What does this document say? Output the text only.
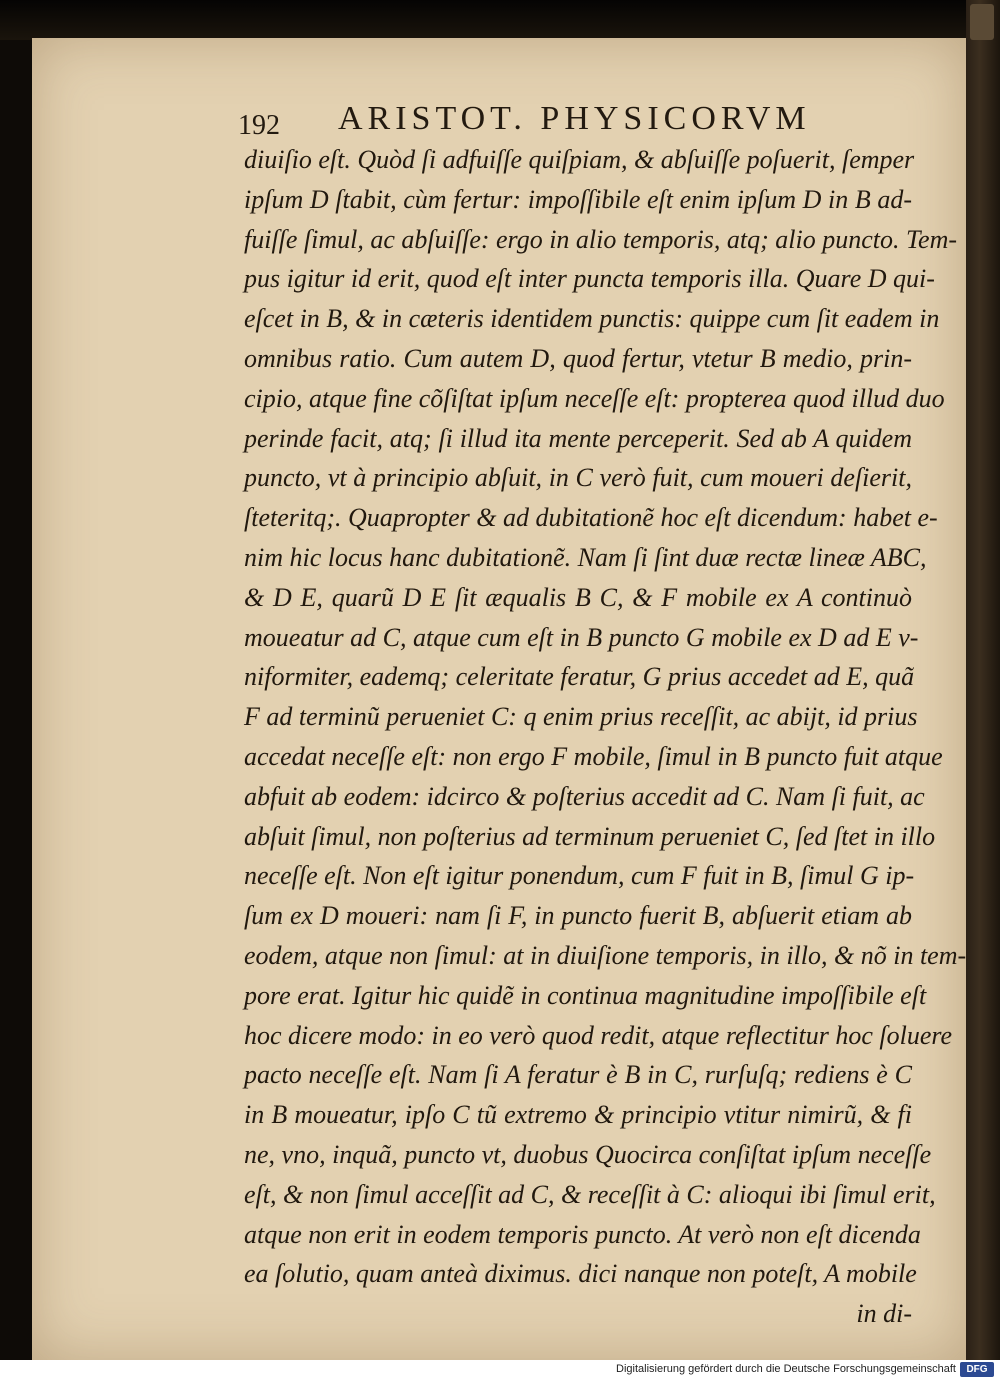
192 ARISTOT. PHYSICORVM
diuiſio eſt. Quòd ſi adfuiſſe quiſpiam, & abſuiſſe poſuerit, ſemper
ipſum D ſtabit, cùm fertur: impoſſibile eſt enim ipſum D in B ad-
fuiſſe ſimul, ac abſuiſſe: ergo in alio temporis, atq; alio puncto. Tem-
pus igitur id erit, quod eſt inter puncta temporis illa. Quare D qui-
eſcet in B, & in cæteris identidem punctis: quippe cum ſit eadem in
omnibus ratio. Cum autem D, quod fertur, vtetur B medio, prin-
cipio, atque fine cõſiſtat ipſum neceſſe eſt: propterea quod illud duo
perinde facit, atq; ſi illud ita mente perceperit. Sed ab A quidem
puncto, vt à principio abſuit, in C verò fuit, cum moueri deſierit,
ſteteritq;. Quapropter & ad dubitationẽ hoc eſt dicendum: habet e-
nim hic locus hanc dubitationẽ. Nam ſi ſint duæ rectæ lineæ ABC,
& D E, quarũ D E ſit æqualis B C, & F mobile ex A continuò
moueatur ad C, atque cum eſt in B puncto G mobile ex D ad E v-
niformiter, eademq; celeritate feratur, G prius accedet ad E, quã
F ad terminũ perueniet C: q enim prius receſſit, ac abijt, id prius
accedat neceſſe eſt: non ergo F mobile, ſimul in B puncto fuit atque
abfuit ab eodem: idcirco & poſterius accedit ad C. Nam ſi fuit, ac
abſuit ſimul, non poſterius ad terminum perueniet C, ſed ſtet in illo
neceſſe eſt. Non eſt igitur ponendum, cum F fuit in B, ſimul G ip-
ſum ex D moueri: nam ſi F, in puncto fuerit B, abſuerit etiam ab
eodem, atque non ſimul: at in diuiſione temporis, in illo, & nõ in tem-
pore erat. Igitur hic quidẽ in continua magnitudine impoſſibile eſt
hoc dicere modo: in eo verò quod redit, atque reflectitur hoc ſoluere
pacto neceſſe eſt. Nam ſi A feratur è B in C, rurſuſq; rediens è C
in B moueatur, ipſo C tũ extremo & principio vtitur nimirũ, & fi
ne, vno, inquã, puncto vt, duobus Quocirca conſiſtat ipſum neceſſe
eſt, & non ſimul acceſſit ad C, & receſſit à C: alioqui ibi ſimul erit,
atque non erit in eodem temporis puncto. At verò non eſt dicenda
ea ſolutio, quam anteà diximus. dici nanque non poteſt, A mobile
in di-
Digitalisierung gefördert durch die Deutsche Forschungsgemeinschaft	DFG
